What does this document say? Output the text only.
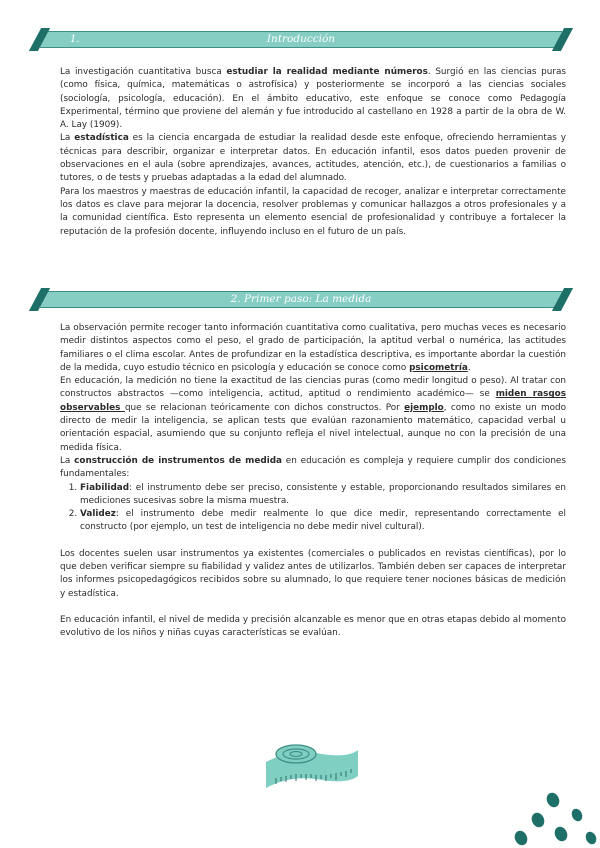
1.	Introducción

La investigación cuantitativa busca estudiar la realidad mediante números. Surgió en las ciencias puras (como física, química, matemáticas o astrofísica) y posteriormente se incorporó a las ciencias sociales (sociología, psicología, educación). En el ámbito educativo, este enfoque se conoce como Pedagogía Experimental, término que proviene del alemán y fue introducido al castellano en 1928 a partir de la obra de W. A. Lay (1909).

La estadística es la ciencia encargada de estudiar la realidad desde este enfoque, ofreciendo herramientas y técnicas para describir, organizar e interpretar datos. En educación infantil, esos datos pueden provenir de observaciones en el aula (sobre aprendizajes, avances, actitudes, atención, etc.), de cuestionarios a familias o tutores, o de tests y pruebas adaptadas a la edad del alumnado.

Para los maestros y maestras de educación infantil, la capacidad de recoger, analizar e interpretar correctamente los datos es clave para mejorar la docencia, resolver problemas y comunicar hallazgos a otros profesionales y a la comunidad científica. Esto representa un elemento esencial de profesionalidad y contribuye a fortalecer la reputación de la profesión docente, influyendo incluso en el futuro de un país.

2. Primer paso: La medida

La observación permite recoger tanto información cuantitativa como cualitativa, pero muchas veces es necesario medir distintos aspectos como el peso, el grado de participación, la aptitud verbal o numérica, las actitudes familiares o el clima escolar. Antes de profundizar en la estadística descriptiva, es importante abordar la cuestión de la medida, cuyo estudio técnico en psicología y educación se conoce como psicometría.

En educación, la medición no tiene la exactitud de las ciencias puras (como medir longitud o peso). Al tratar con constructos abstractos —como inteligencia, actitud, aptitud o rendimiento académico— se miden rasgos observables que se relacionan teóricamente con dichos constructos. Por ejemplo, como no existe un modo directo de medir la inteligencia, se aplican tests que evalúan razonamiento matemático, capacidad verbal u orientación espacial, asumiendo que su conjunto refleja el nivel intelectual, aunque no con la precisión de una medida física.

La construcción de instrumentos de medida en educación es compleja y requiere cumplir dos condiciones fundamentales:

1. Fiabilidad: el instrumento debe ser preciso, consistente y estable, proporcionando resultados similares en mediciones sucesivas sobre la misma muestra.
2. Validez: el instrumento debe medir realmente lo que dice medir, representando correctamente el constructo (por ejemplo, un test de inteligencia no debe medir nivel cultural).

Los docentes suelen usar instrumentos ya existentes (comerciales o publicados en revistas científicas), por lo que deben verificar siempre su fiabilidad y validez antes de utilizarlos. También deben ser capaces de interpretar los informes psicopedagógicos recibidos sobre su alumnado, lo que requiere tener nociones básicas de medición y estadística.

En educación infantil, el nivel de medida y precisión alcanzable es menor que en otras etapas debido al momento evolutivo de los niños y niñas cuyas características se evalúan.
